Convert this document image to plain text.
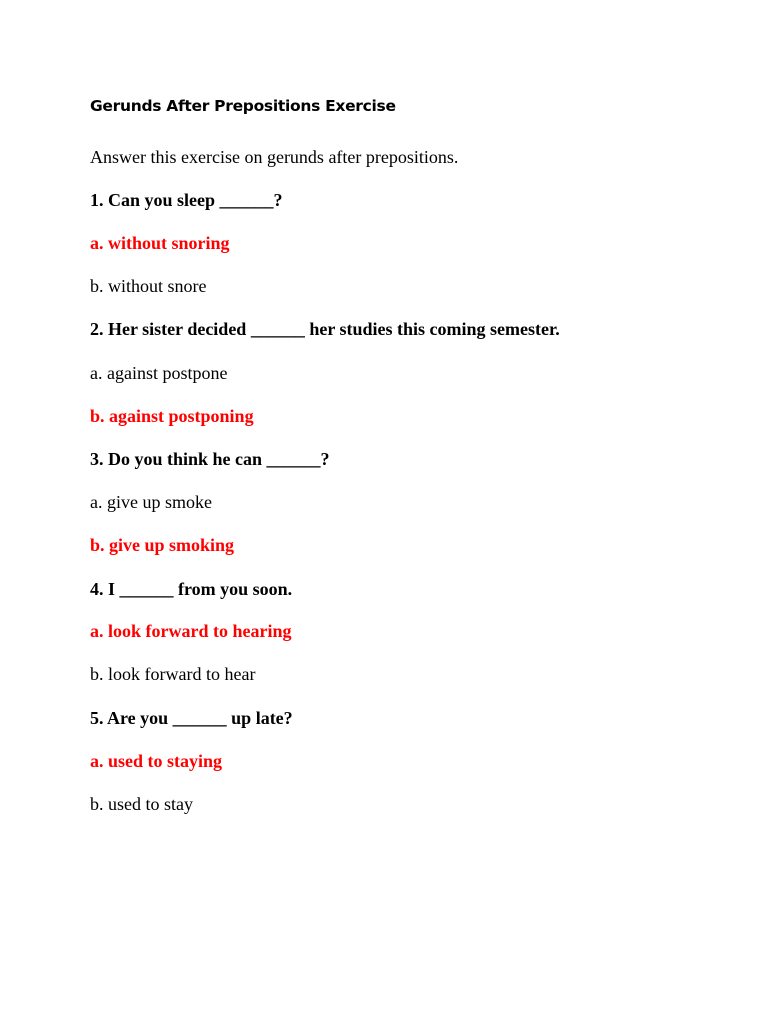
Gerunds After Prepositions Exercise
Answer this exercise on gerunds after prepositions.
1. Can you sleep ______?
a. without snoring
b. without snore
2. Her sister decided ______ her studies this coming semester.
a. against postpone
b. against postponing
3. Do you think he can ______?
a. give up smoke
b. give up smoking
4. I ______ from you soon.
a. look forward to hearing
b. look forward to hear
5. Are you ______ up late?
a. used to staying
b. used to stay
